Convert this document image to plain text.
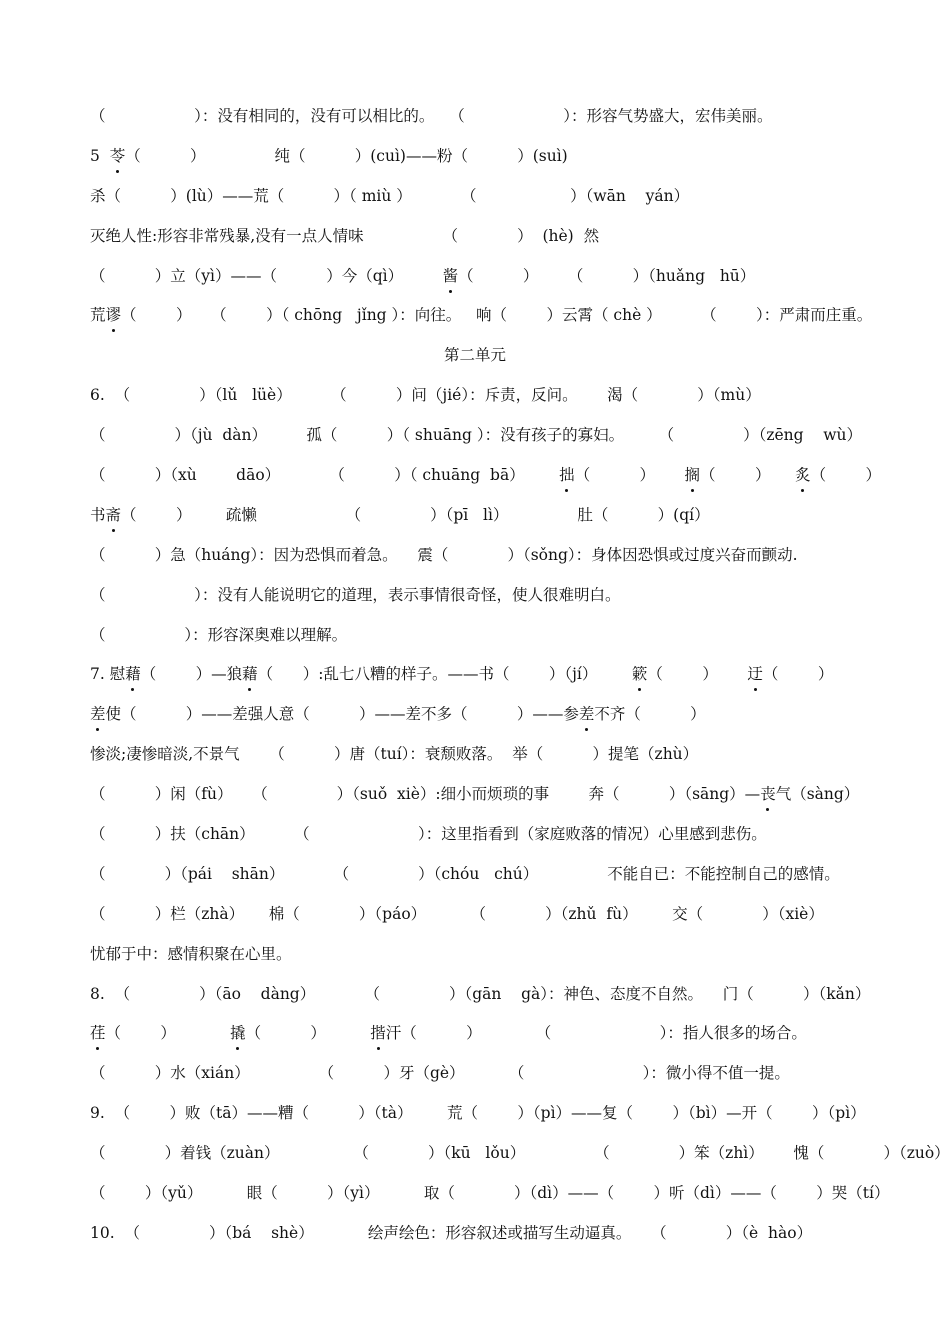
（                  ）：没有相同的，没有可以相比的。   （                    ）：形容气势盛大，宏伟美丽。
5  苓（          ）              纯（          ）(cuì)——粉（          ）(suì)
杀（          ）(lù）——荒（          ）（ miù ）          （                   ）（wān    yán）
灭绝人性:形容非常残暴,没有一点人情味                （            ）  (hè)  然
（          ）立（yì）——（          ）今（qì）        酱（          ）      （          ）（huǎng   hū）
荒谬（        ）    （        ）（ chōng   jǐng ）：向往。   响（        ）云霄（ chè ）        （        ）：严肃而庄重。
第二单元
6.  （              ）（lǔ   lüè）        （          ）问（jié）：斥责，反问。      渴（            ）（mù）
（              ）（jù  dàn）        孤（          ）（ shuāng ）：没有孩子的寡妇。       （              ）（zēng    wù）
（          ）（xù        dāo）          （          ）（ chuāng  bā）       拙（          ）      搁（        ）     炙（        ）
书斋（        ）       疏懒                  （              ）（pī   lì）              肚（          ）(qí）
（          ）急（huáng）：因为恐惧而着急。    震（            ）（sǒng）：身体因恐惧或过度兴奋而颤动.
（                  ）：没有人能说明它的道理，表示事情很奇怪，使人很难明白。
（                ）：形容深奥难以理解。
7. 慰藉（        ）—狼藉（      ）:乱七八糟的样子。——书（        ）（jí）       簌（        ）      迂（        ）
差使（          ）——差强人意（          ）——差不多（          ）——参差不齐（          ）
惨淡;凄惨暗淡,不景气      （          ）唐（tuí）：衰颓败落。  举（          ）提笔（zhù）
（          ）闲（fù）    （              ）（suǒ  xiè）:细小而烦琐的事        奔（          ）（sāng）—丧气（sàng）
（          ）扶（chān）        （                      ）：这里指看到（家庭败落的情况）心里感到悲伤。
（            ）（pái    shān）          （              ）（chóu   chú）              不能自已：不能控制自己的感情。
（          ）栏（zhà）     棉（            ）（páo）         （            ）（zhǔ  fù）       交（            ）（xiè）
忧郁于中：感情积聚在心里。
8.  （              ）（āo    dàng）          （              ）（gān    gà）：神色、态度不自然。    门（          ）（kǎn）
荏（        ）           撬（          ）         揩汗（          ）           （                      ）：指人很多的场合。
（          ）水（xián）              （          ）牙（gè）         （                        ）：微小得不值一提。
9.  （        ）败（tā）——糟（          ）（tà）       荒（        ）（pì）——复（        ）（bì）—开（        ）（pì）
（            ）着钱（zuàn）               （            ）（kū   lǒu）              （              ）笨（zhì）      愧（            ）（zuò）
（        ）（yǔ）         眼（          ）（yì）         取（            ）（dì）——（        ）听（dì）——（        ）哭（tí）
10.  （              ）（bá    shè）           绘声绘色：形容叙述或描写生动逼真。    （            ）（è  hào）
